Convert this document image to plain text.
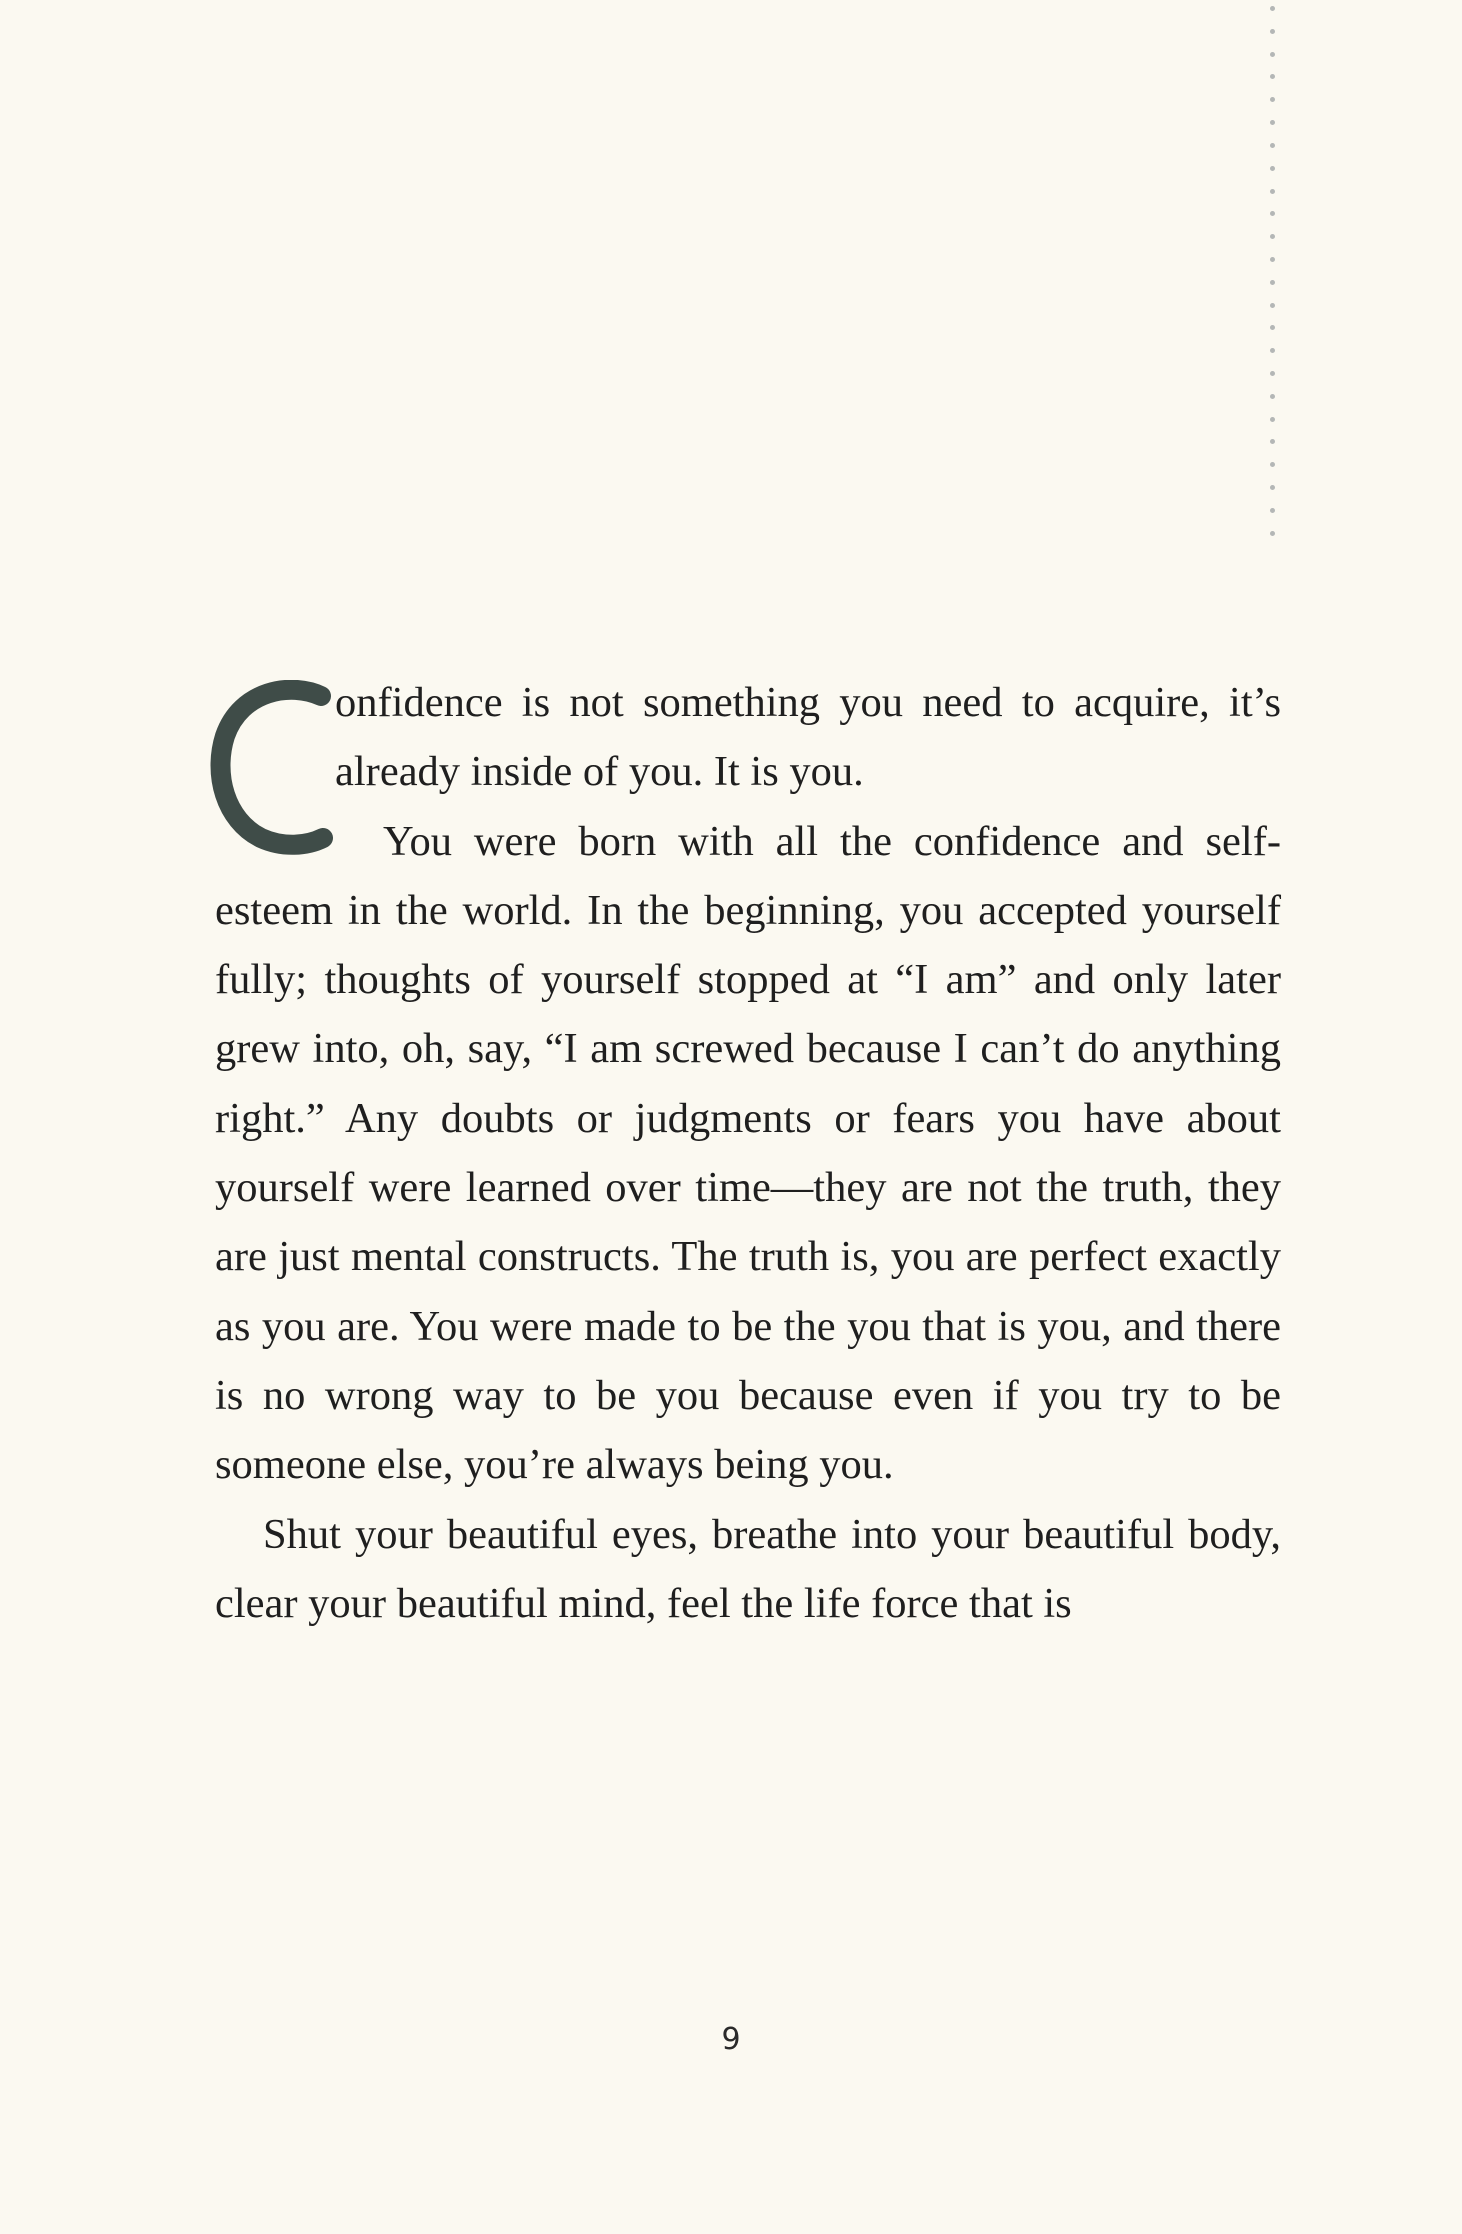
onfidence is not something you need to acquire, it’s already inside of you. It is you.

You were born with all the confidence and self-esteem in the world. In the beginning, you accepted yourself fully; thoughts of yourself stopped at “I am” and only later grew into, oh, say, “I am screwed because I can’t do anything right.” Any doubts or judgments or fears you have about yourself were learned over time—they are not the truth, they are just mental constructs. The truth is, you are perfect exactly as you are. You were made to be the you that is you, and there is no wrong way to be you because even if you try to be someone else, you’re always being you.

Shut your beautiful eyes, breathe into your beautiful body, clear your beautiful mind, feel the life force that is

9
